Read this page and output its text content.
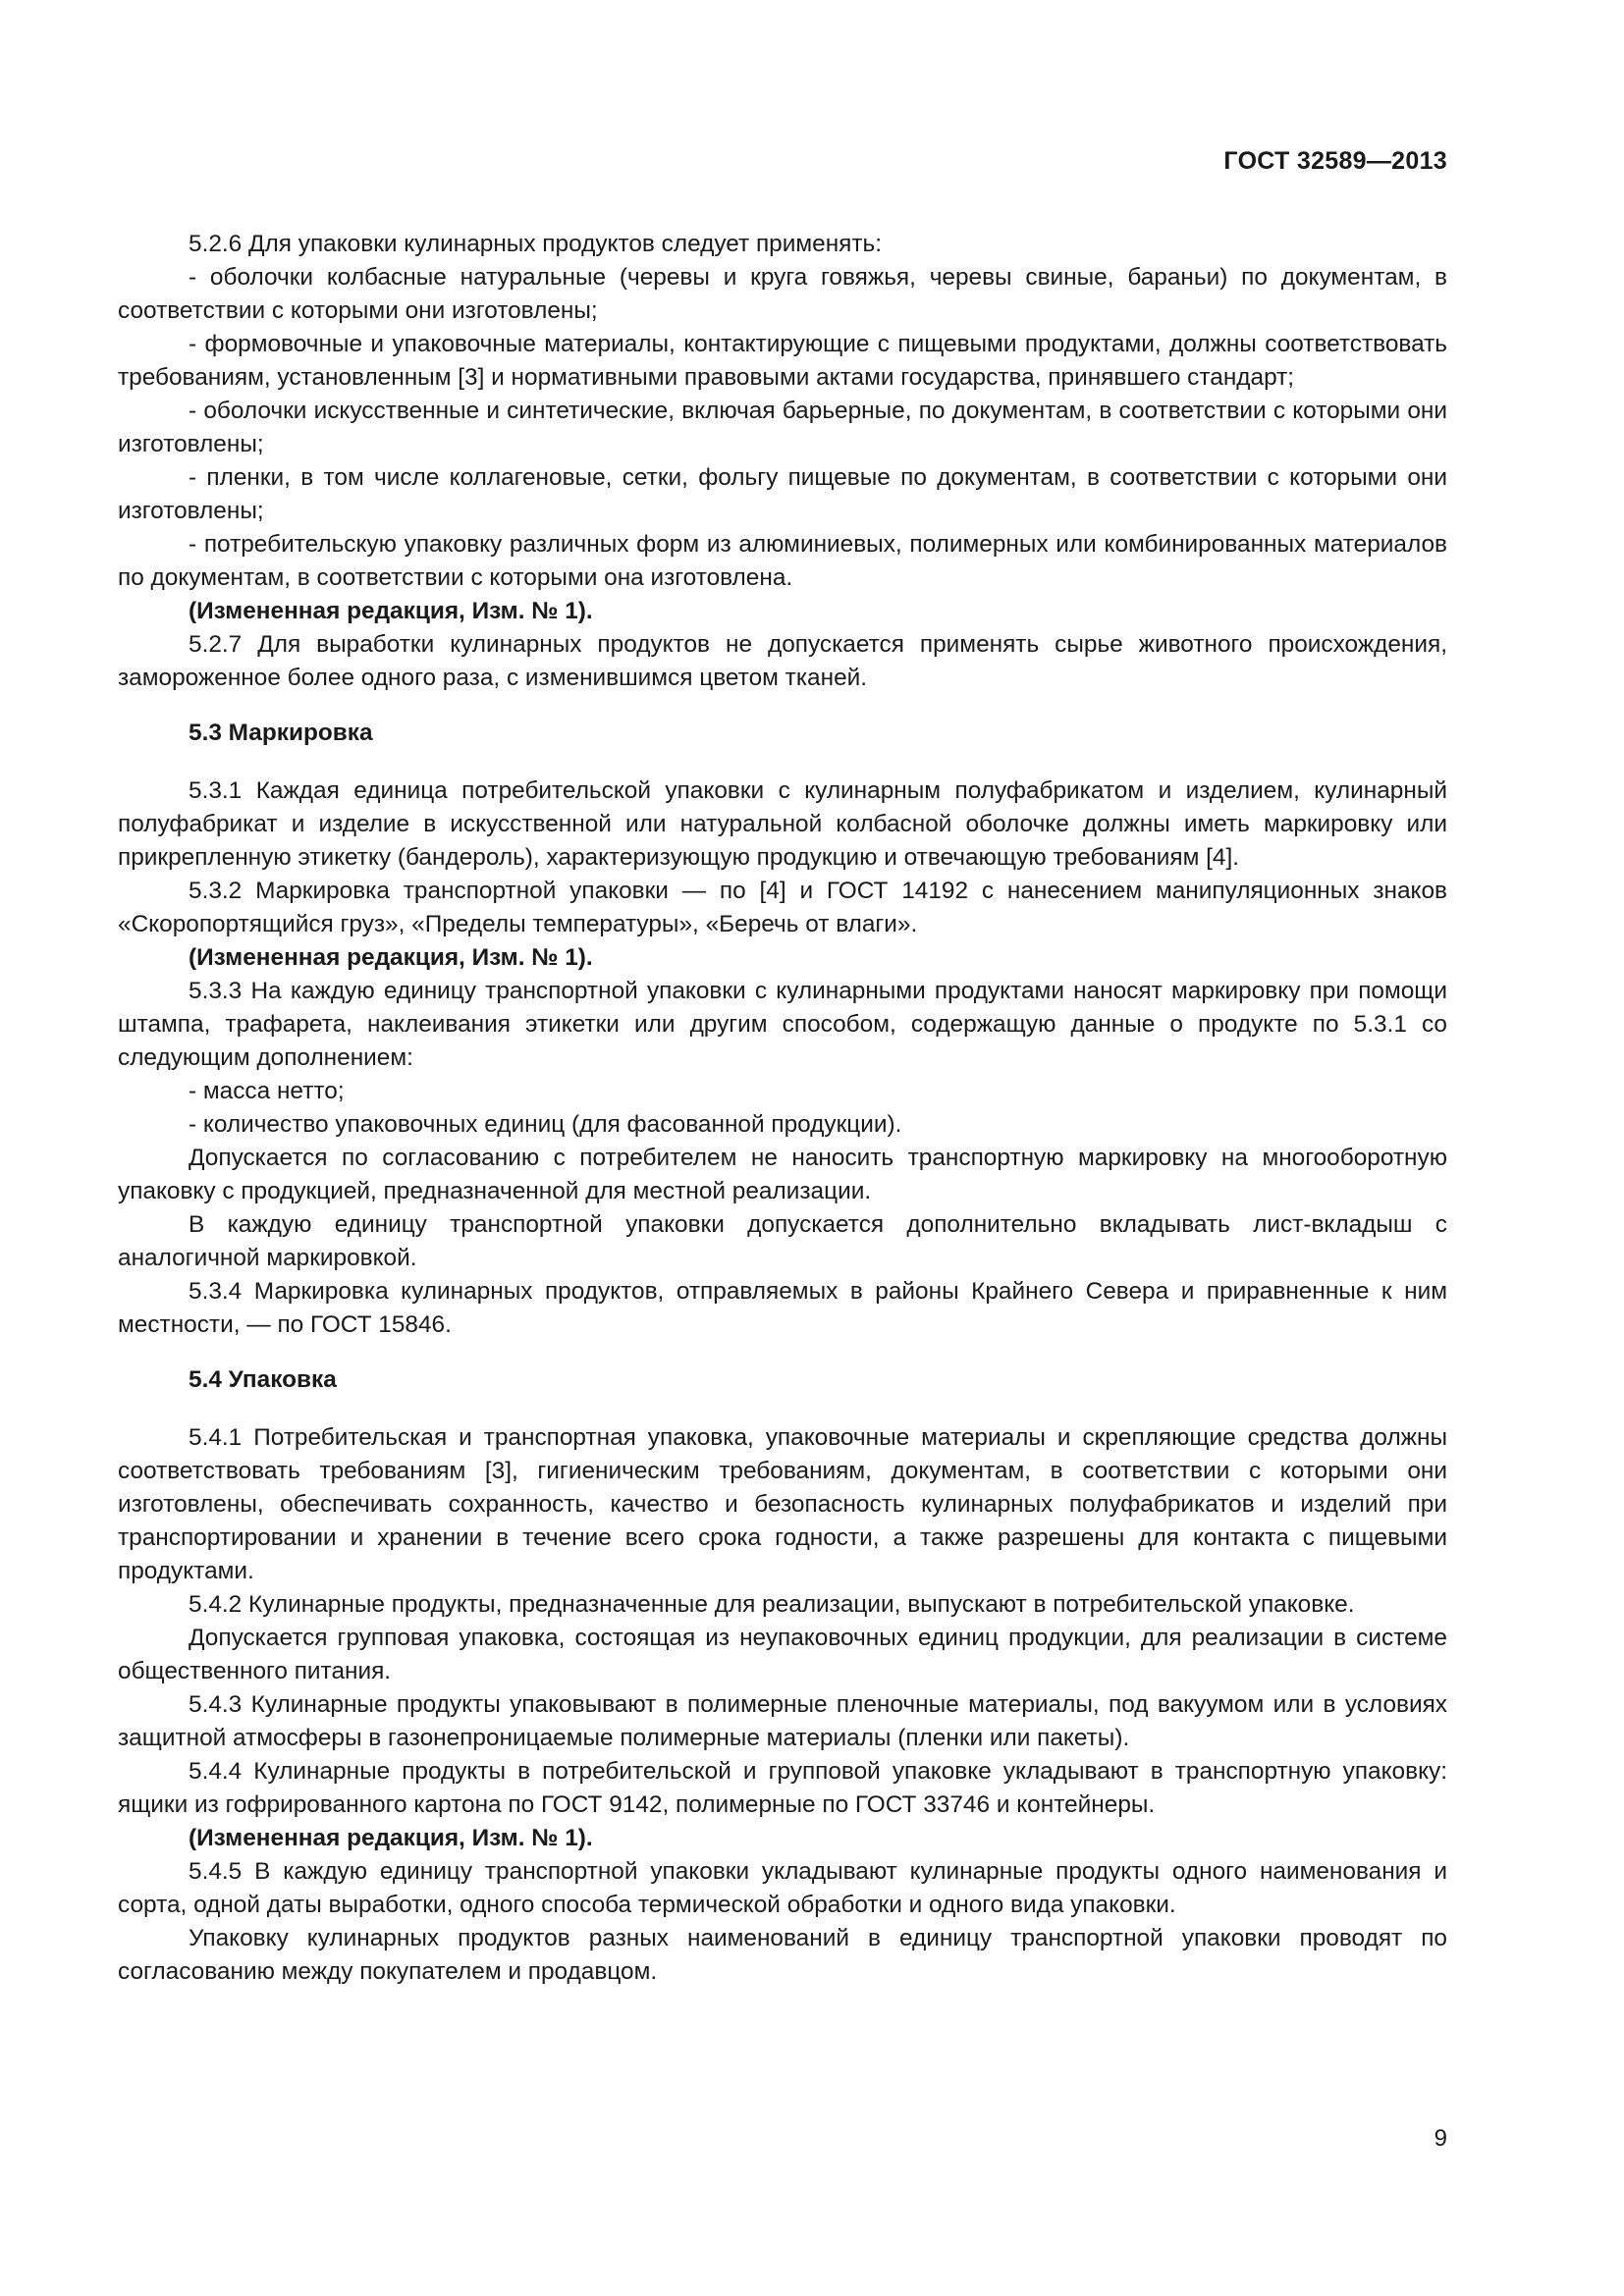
ГОСТ 32589—2013

5.2.6 Для упаковки кулинарных продуктов следует применять:

- оболочки колбасные натуральные (черевы и круга говяжья, черевы свиные, бараньи) по документам, в соответствии с которыми они изготовлены;

- формовочные и упаковочные материалы, контактирующие с пищевыми продуктами, должны соответствовать требованиям, установленным [3] и нормативными правовыми актами государства, принявшего стандарт;

- оболочки искусственные и синтетические, включая барьерные, по документам, в соответствии с которыми они изготовлены;

- пленки, в том числе коллагеновые, сетки, фольгу пищевые по документам, в соответствии с которыми они изготовлены;

- потребительскую упаковку различных форм из алюминиевых, полимерных или комбинированных материалов по документам, в соответствии с которыми она изготовлена.

(Измененная редакция, Изм. № 1).

5.2.7 Для выработки кулинарных продуктов не допускается применять сырье животного происхождения, замороженное более одного раза, с изменившимся цветом тканей.

5.3 Маркировка

5.3.1 Каждая единица потребительской упаковки с кулинарным полуфабрикатом и изделием, кулинарный полуфабрикат и изделие в искусственной или натуральной колбасной оболочке должны иметь маркировку или прикрепленную этикетку (бандероль), характеризующую продукцию и отвечающую требованиям [4].

5.3.2 Маркировка транспортной упаковки — по [4] и ГОСТ 14192 с нанесением манипуляционных знаков «Скоропортящийся груз», «Пределы температуры», «Беречь от влаги».

(Измененная редакция, Изм. № 1).

5.3.3 На каждую единицу транспортной упаковки с кулинарными продуктами наносят маркировку при помощи штампа, трафарета, наклеивания этикетки или другим способом, содержащую данные о продукте по 5.3.1 со следующим дополнением:

- масса нетто;

- количество упаковочных единиц (для фасованной продукции).

Допускается по согласованию с потребителем не наносить транспортную маркировку на многооборотную упаковку с продукцией, предназначенной для местной реализации.

В каждую единицу транспортной упаковки допускается дополнительно вкладывать лист-вкладыш с аналогичной маркировкой.

5.3.4 Маркировка кулинарных продуктов, отправляемых в районы Крайнего Севера и приравненные к ним местности, — по ГОСТ 15846.

5.4 Упаковка

5.4.1 Потребительская и транспортная упаковка, упаковочные материалы и скрепляющие средства должны соответствовать требованиям [3], гигиеническим требованиям, документам, в соответствии с которыми они изготовлены, обеспечивать сохранность, качество и безопасность кулинарных полуфабрикатов и изделий при транспортировании и хранении в течение всего срока годности, а также разрешены для контакта с пищевыми продуктами.

5.4.2 Кулинарные продукты, предназначенные для реализации, выпускают в потребительской упаковке.

Допускается групповая упаковка, состоящая из неупаковочных единиц продукции, для реализации в системе общественного питания.

5.4.3 Кулинарные продукты упаковывают в полимерные пленочные материалы, под вакуумом или в условиях защитной атмосферы в газонепроницаемые полимерные материалы (пленки или пакеты).

5.4.4 Кулинарные продукты в потребительской и групповой упаковке укладывают в транспортную упаковку: ящики из гофрированного картона по ГОСТ 9142, полимерные по ГОСТ 33746 и контейнеры.

(Измененная редакция, Изм. № 1).

5.4.5 В каждую единицу транспортной упаковки укладывают кулинарные продукты одного наименования и сорта, одной даты выработки, одного способа термической обработки и одного вида упаковки.

Упаковку кулинарных продуктов разных наименований в единицу транспортной упаковки проводят по согласованию между покупателем и продавцом.

9
